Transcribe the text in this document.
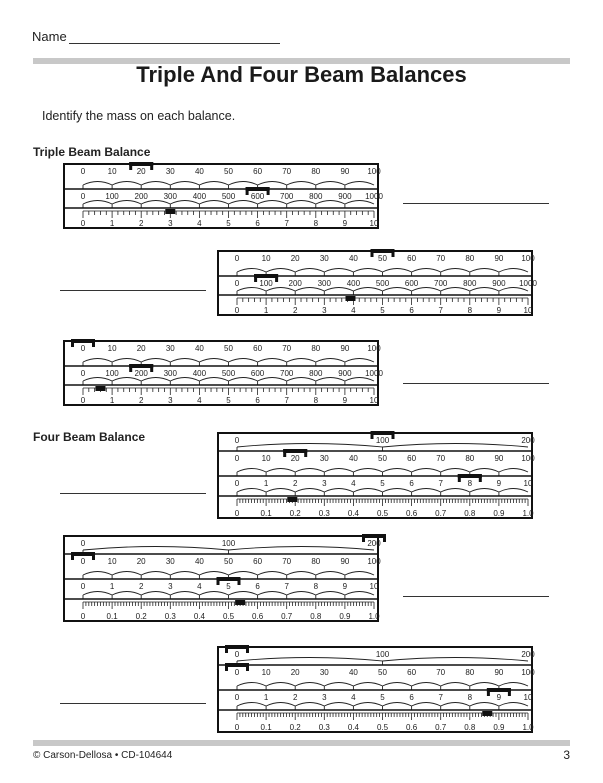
Name
Triple And Four Beam Balances
Identify the mass on each balance.
Triple Beam Balance
Four Beam Balance
0	10	20	30	40	50	60	70	80	90 100
0	100 200 300 400 500 600 700 800 900 1000
0	1	2	3	4	5	6	7	8	9	10
0	10	20	30	40	50	60	70	80	90 100
0	100 200 300 400 500 600 700 800 900 1000
0	1	2	3	4	5	6	7	8	9	10
0	10	20	30	40	50	60	70	80	90 100
0	100 200 300 400 500 600 700 800 900 1000
0	1	2	3	4	5	6	7	8	9	10
0	100	200
0	10	20	30	40	50	60	70	80	90 100
0	1	2	3	4	5	6	7	8	9	10
0	0.1 0.2 0.3 0.4 0.5 0.6 0.7 0.8 0.9 1.0
0	100	200
0	10	20	30	40	50	60	70	80	90 100
0	1	2	3	4	5	6	7	8	9	10
0	0.1 0.2 0.3 0.4 0.5 0.6 0.7 0.8 0.9 1.0
0	100	200
0	10	20	30	40	50	60	70	80	90 100
0	1	2	3	4	5	6	7	8	9	10
0	0.1 0.2 0.3 0.4 0.5 0.6 0.7 0.8 0.9 1.0
© Carson-Dellosa • CD-104644	3
